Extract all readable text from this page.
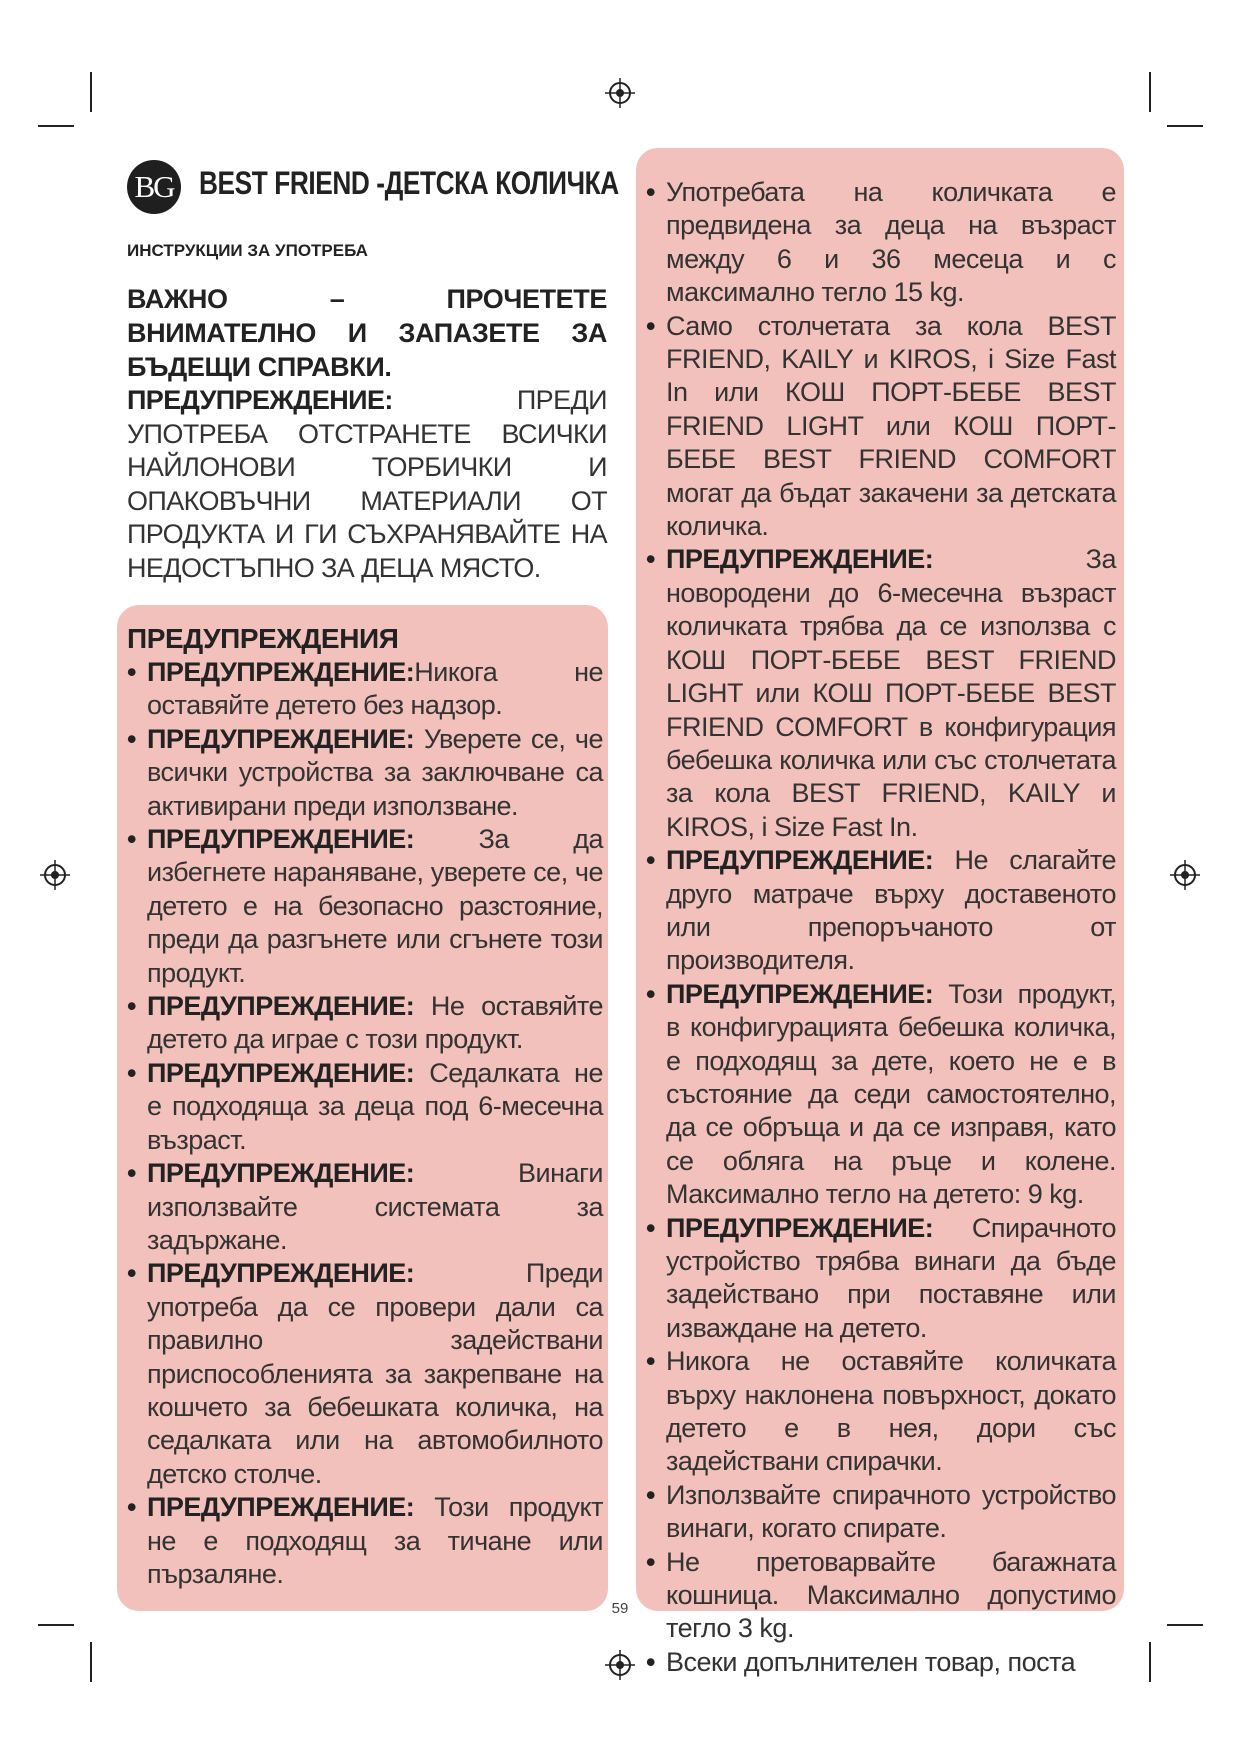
BG BEST FRIEND -ДЕТСКА КОЛИЧКА

ИНСТРУКЦИИ ЗА УПОТРЕБА

ВАЖНО – ПРОЧЕТЕТЕ ВНИМАТЕЛНО И ЗАПАЗЕТЕ ЗА БЪДЕЩИ СПРАВКИ.

ПРЕДУПРЕЖДЕНИЕ: ПРЕДИ УПОТРЕБА ОТСТРАНЕТЕ ВСИЧКИ НАЙЛОНОВИ ТОРБИЧКИ И ОПАКОВЪЧНИ МАТЕРИАЛИ ОТ ПРОДУКТА И ГИ СЪХРАНЯВАЙТЕ НА НЕДОСТЪПНО ЗА ДЕЦА МЯСТО.

ПРЕДУПРЕЖДЕНИЯ
• ПРЕДУПРЕЖДЕНИЕ:Никога не оставяйте детето без надзор.
• ПРЕДУПРЕЖДЕНИЕ: Уверете се, че всички устройства за заключване са активирани преди използване.
• ПРЕДУПРЕЖДЕНИЕ: За да избегнете нараняване, уверете се, че детето е на безопасно разстояние, преди да разгънете или сгънете този продукт.
• ПРЕДУПРЕЖДЕНИЕ: Не оставяйте детето да играе с този продукт.
• ПРЕДУПРЕЖДЕНИЕ: Седалката не е подходяща за деца под 6-месечна възраст.
• ПРЕДУПРЕЖДЕНИЕ: Винаги използвайте системата за задържане.
• ПРЕДУПРЕЖДЕНИЕ: Преди употреба да се провери дали са правилно задействани приспособленията за закрепване на кошчето за бебешката количка, на седалката или на автомобилното детско столче.
• ПРЕДУПРЕЖДЕНИЕ: Този продукт не е подходящ за тичане или пързаляне.
• Употребата на количката е предвидена за деца на възраст между 6 и 36 месеца и с максимално тегло 15 kg.
• Само столчетата за кола BEST FRIEND, KAILY и KIROS, i Size Fast In или КОШ ПОРТ-БЕБЕ BEST FRIEND LIGHT или КОШ ПОРТ-БЕБЕ BEST FRIEND COMFORT могат да бъдат закачени за детската количка.
• ПРЕДУПРЕЖДЕНИЕ: За новородени до 6-месечна възраст количката трябва да се използва с КОШ ПОРТ-БЕБЕ BEST FRIEND LIGHT или КОШ ПОРТ-БЕБЕ BEST FRIEND COMFORT в конфигурация бебешка количка или със столчетата за кола BEST FRIEND, KAILY и KIROS, i Size Fast In.
• ПРЕДУПРЕЖДЕНИЕ: Не слагайте друго матраче върху доставеното или препоръчаното от производителя.
• ПРЕДУПРЕЖДЕНИЕ: Този продукт, в конфигурацията бебешка количка, е подходящ за дете, което не е в състояние да седи самостоятелно, да се обръща и да се изправя, като се обляга на ръце и колене. Максимално тегло на детето: 9 kg.
• ПРЕДУПРЕЖДЕНИЕ: Спирачното устройство трябва винаги да бъде задействано при поставяне или изваждане на детето.
• Никога не оставяйте количката върху наклонена повърхност, докато детето е в нея, дори със задействани спирачки.
• Използвайте спирачното устройство винаги, когато спирате.
• Не претоварвайте багажната кошница. Максимално допустимо тегло 3 kg.
• Всеки допълнителен товар, поста

59
